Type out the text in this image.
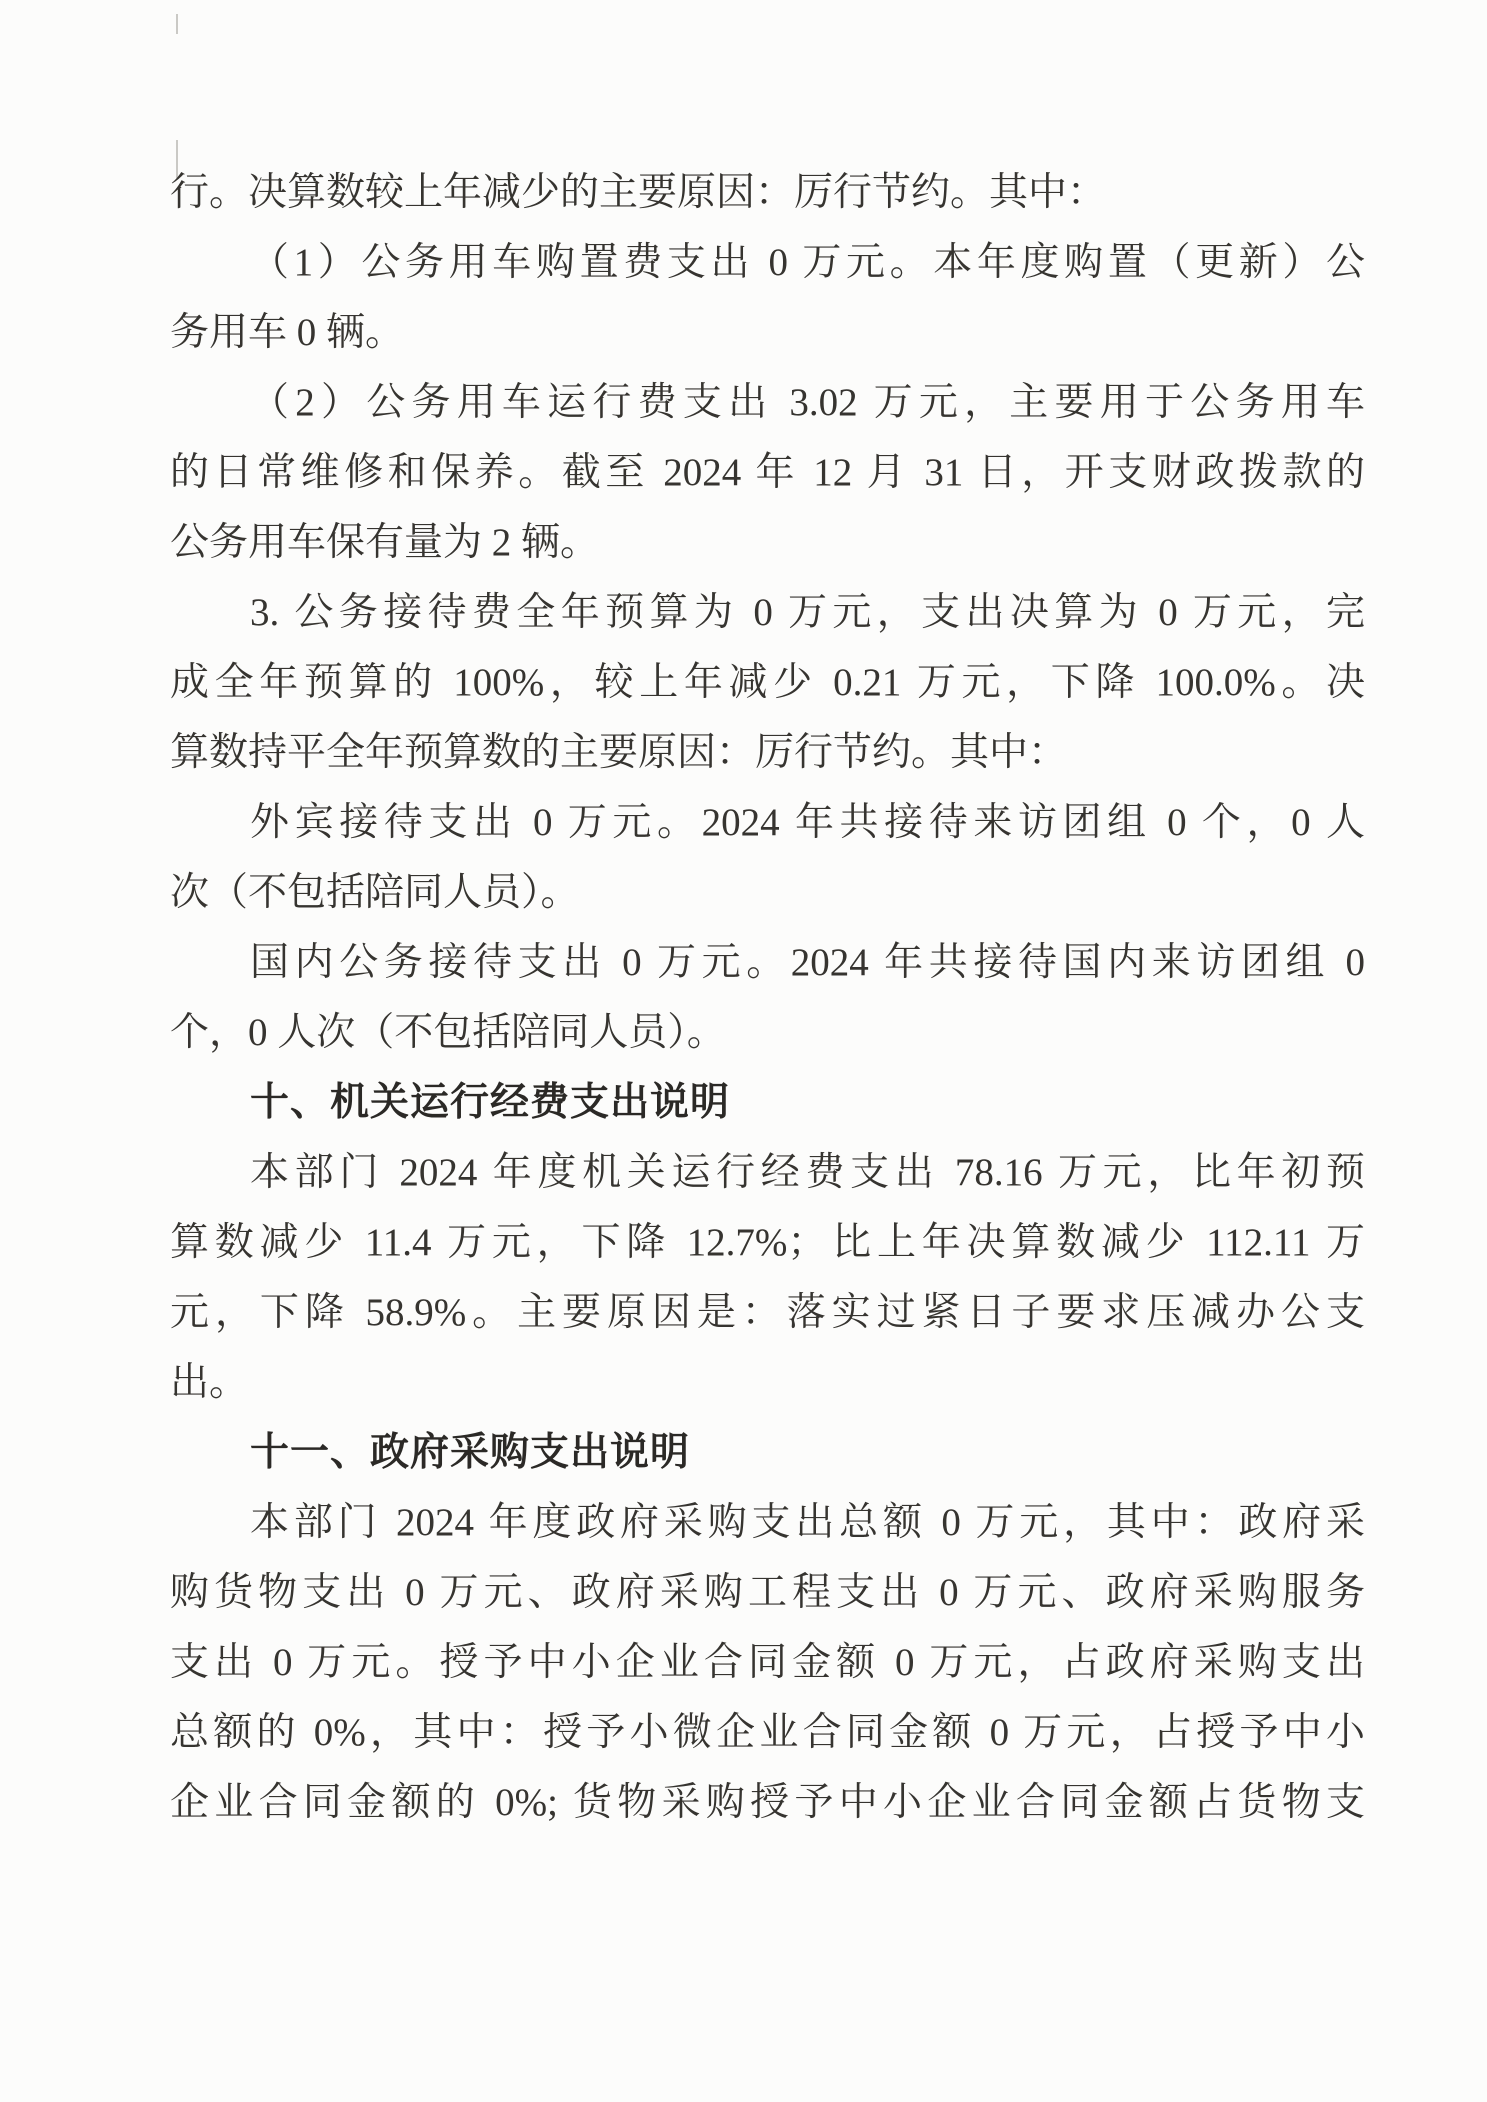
行。决算数较上年减少的主要原因：厉行节约。其中：
（1）公务用车购置费支出 0 万元。本年度购置（更新）公
务用车 0 辆。
（2）公务用车运行费支出 3.02 万元，主要用于公务用车
的日常维修和保养。截至 2024 年 12 月 31 日，开支财政拨款的
公务用车保有量为 2 辆。
3. 公务接待费全年预算为 0 万元，支出决算为 0 万元，完
成全年预算的 100%，较上年减少 0.21 万元，下降 100.0%。决
算数持平全年预算数的主要原因：厉行节约。其中：
外宾接待支出 0 万元。2024 年共接待来访团组 0 个，0 人
次（不包括陪同人员）。
国内公务接待支出 0 万元。2024 年共接待国内来访团组 0
个，0 人次（不包括陪同人员）。
十、机关运行经费支出说明
本部门 2024 年度机关运行经费支出 78.16 万元，比年初预
算数减少 11.4 万元，下降 12.7%；比上年决算数减少 112.11 万
元，下降 58.9%。主要原因是：落实过紧日子要求压减办公支
出。
十一、政府采购支出说明
本部门 2024 年度政府采购支出总额 0 万元，其中：政府采
购货物支出 0 万元、政府采购工程支出 0 万元、政府采购服务
支出 0 万元。授予中小企业合同金额 0 万元，占政府采购支出
总额的 0%，其中：授予小微企业合同金额 0 万元，占授予中小
企业合同金额的 0%; 货物采购授予中小企业合同金额占货物支
